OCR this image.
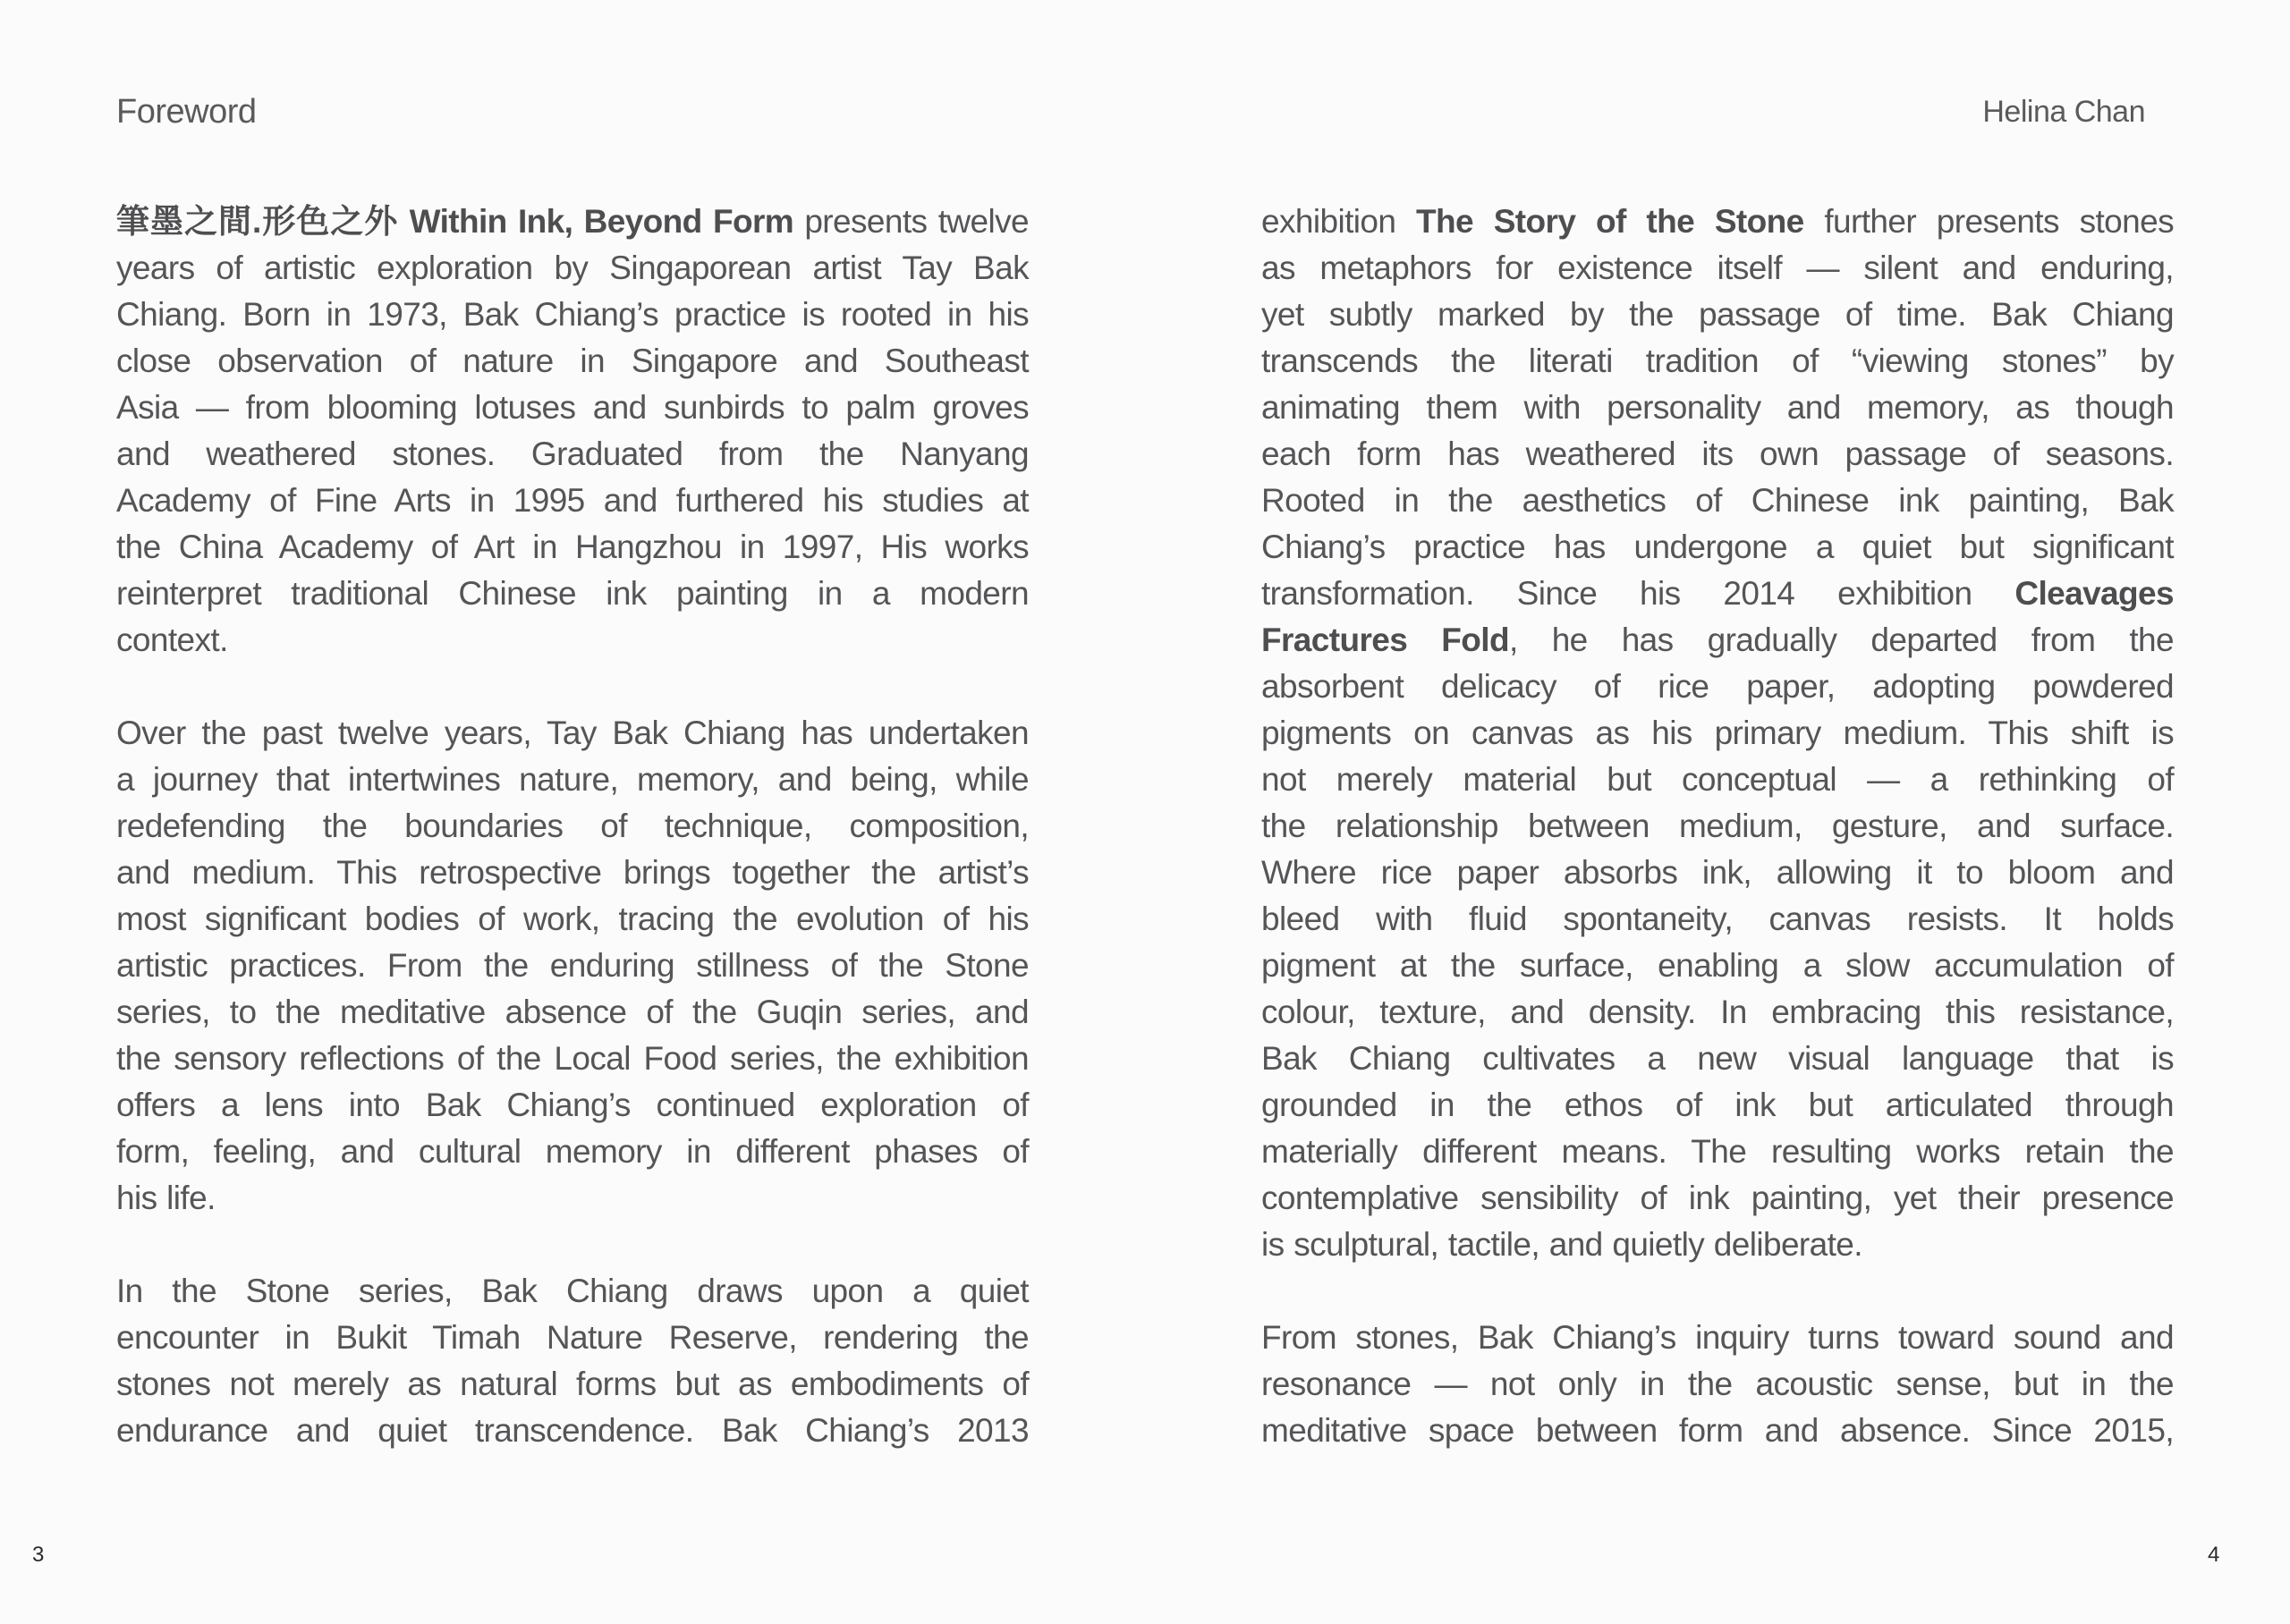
Foreword	Helina Chan
筆墨之間.形色之外 Within Ink, Beyond Form presents twelve
years of artistic exploration by Singaporean artist Tay Bak
Chiang. Born in 1973, Bak Chiang’s practice is rooted in his
close observation of nature in Singapore and Southeast
Asia — from blooming lotuses and sunbirds to palm groves
and weathered stones. Graduated from the Nanyang
Academy of Fine Arts in 1995 and furthered his studies at
the China Academy of Art in Hangzhou in 1997, His works
reinterpret traditional Chinese ink painting in a modern
context.
Over the past twelve years, Tay Bak Chiang has undertaken
a journey that intertwines nature, memory, and being, while
redefending the boundaries of technique, composition,
and medium. This retrospective brings together the artist’s
most significant bodies of work, tracing the evolution of his
artistic practices. From the enduring stillness of the Stone
series, to the meditative absence of the Guqin series, and
the sensory reflections of the Local Food series, the exhibition
offers a lens into Bak Chiang’s continued exploration of
form, feeling, and cultural memory in different phases of
his life.
In the Stone series, Bak Chiang draws upon a quiet
encounter in Bukit Timah Nature Reserve, rendering the
stones not merely as natural forms but as embodiments of
endurance and quiet transcendence. Bak Chiang’s 2013
exhibition The Story of the Stone further presents stones
as metaphors for existence itself — silent and enduring,
yet subtly marked by the passage of time. Bak Chiang
transcends the literati tradition of “viewing stones” by
animating them with personality and memory, as though
each form has weathered its own passage of seasons.
Rooted in the aesthetics of Chinese ink painting, Bak
Chiang’s practice has undergone a quiet but significant
transformation. Since his 2014 exhibition Cleavages
Fractures Fold, he has gradually departed from the
absorbent delicacy of rice paper, adopting powdered
pigments on canvas as his primary medium. This shift is
not merely material but conceptual — a rethinking of
the relationship between medium, gesture, and surface.
Where rice paper absorbs ink, allowing it to bloom and
bleed with fluid spontaneity, canvas resists. It holds
pigment at the surface, enabling a slow accumulation of
colour, texture, and density. In embracing this resistance,
Bak Chiang cultivates a new visual language that is
grounded in the ethos of ink but articulated through
materially different means. The resulting works retain the
contemplative sensibility of ink painting, yet their presence
is sculptural, tactile, and quietly deliberate.
From stones, Bak Chiang’s inquiry turns toward sound and
resonance — not only in the acoustic sense, but in the
meditative space between form and absence. Since 2015,
3	4
